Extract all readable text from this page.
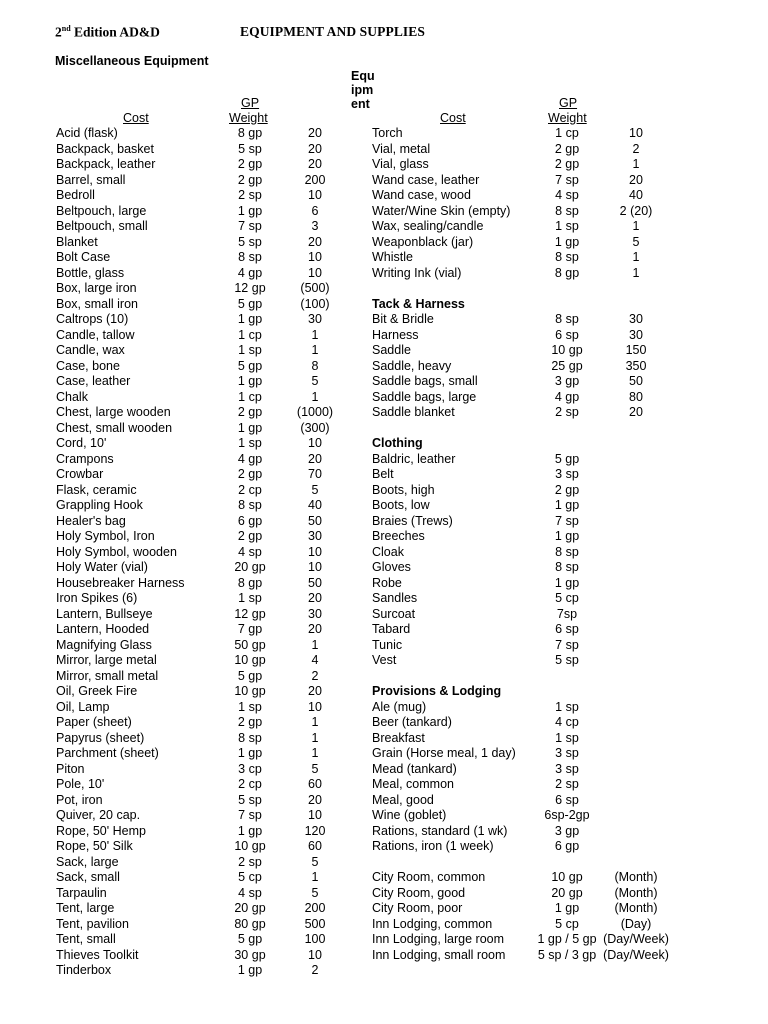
2nd Edition AD&D	EQUIPMENT AND SUPPLIES
Miscellaneous Equipment
Cost
GP
Weight
Equipment
Cost
GP
Weight
Acid (flask)	8 gp	20
Backpack, basket	5 sp	20
Backpack, leather	2 gp	20
Barrel, small	2 gp	200
Bedroll	2 sp	10
Beltpouch, large	1 gp	6
Beltpouch, small	7 sp	3
Blanket	5 sp	20
Bolt Case	8 sp	10
Bottle, glass	4 gp	10
Box, large iron	12 gp	(500)
Box, small iron	5 gp	(100)
Caltrops (10)	1 gp	30
Candle, tallow	1 cp	1
Candle, wax	1 sp	1
Case, bone	5 gp	8
Case, leather	1 gp	5
Chalk	1 cp	1
Chest, large wooden	2 gp	(1000)
Chest, small wooden	1 gp	(300)
Cord, 10'	1 sp	10
Crampons	4 gp	20
Crowbar	2 gp	70
Flask, ceramic	2 cp	5
Grappling Hook	8 sp	40
Healer's bag	6 gp	50
Holy Symbol, Iron	2 gp	30
Holy Symbol, wooden	4 sp	10
Holy Water (vial)	20 gp	10
Housebreaker Harness	8 gp	50
Iron Spikes (6)	1 sp	20
Lantern, Bullseye	12 gp	30
Lantern, Hooded	7 gp	20
Magnifying Glass	50 gp	1
Mirror, large metal	10 gp	4
Mirror, small metal	5 gp	2
Oil, Greek Fire	10 gp	20
Oil, Lamp	1 sp	10
Paper (sheet)	2 gp	1
Papyrus (sheet)	8 sp	1
Parchment (sheet)	1 gp	1
Piton	3 cp	5
Pole, 10'	2 cp	60
Pot, iron	5 sp	20
Quiver, 20 cap.	7 sp	10
Rope, 50' Hemp	1 gp	120
Rope, 50' Silk	10 gp	60
Sack, large	2 sp	5
Sack, small	5 cp	1
Tarpaulin	4 sp	5
Tent, large	20 gp	200
Tent, pavilion	80 gp	500
Tent, small	5 gp	100
Thieves Toolkit	30 gp	10
Tinderbox	1 gp	2
Torch	1 cp	10
Vial, metal	2 gp	2
Vial, glass	2 gp	1
Wand case, leather	7 sp	20
Wand case, wood	4 sp	40
Water/Wine Skin (empty)	8 sp	2 (20)
Wax, sealing/candle	1 sp	1
Weaponblack (jar)	1 gp	5
Whistle	8 sp	1
Writing Ink (vial)	8 gp	1
Tack & Harness
Bit & Bridle	8 sp	30
Harness	6 sp	30
Saddle	10 gp	150
Saddle, heavy	25 gp	350
Saddle bags, small	3 gp	50
Saddle bags, large	4 gp	80
Saddle blanket	2 sp	20
Clothing
Baldric, leather	5 gp
Belt	3 sp
Boots, high	2 gp
Boots, low	1 gp
Braies (Trews)	7 sp
Breeches	1 gp
Cloak	8 sp
Gloves	8 sp
Robe	1 gp
Sandles	5 cp
Surcoat	7sp
Tabard	6 sp
Tunic	7 sp
Vest	5 sp
Provisions & Lodging
Ale (mug)	1 sp
Beer (tankard)	4 cp
Breakfast	1 sp
Grain (Horse meal, 1 day)	3 sp
Mead (tankard)	3 sp
Meal, common	2 sp
Meal, good	6 sp
Wine (goblet)	6sp-2gp
Rations, standard (1 wk)	3 gp
Rations, iron (1 week)	6 gp
City Room, common	10 gp	(Month)
City Room, good	20 gp	(Month)
City Room, poor	1 gp	(Month)
Inn Lodging, common	5 cp	(Day)
Inn Lodging, large room	1 gp / 5 gp (Day/Week)
Inn Lodging, small room	5 sp / 3 gp (Day/Week)
